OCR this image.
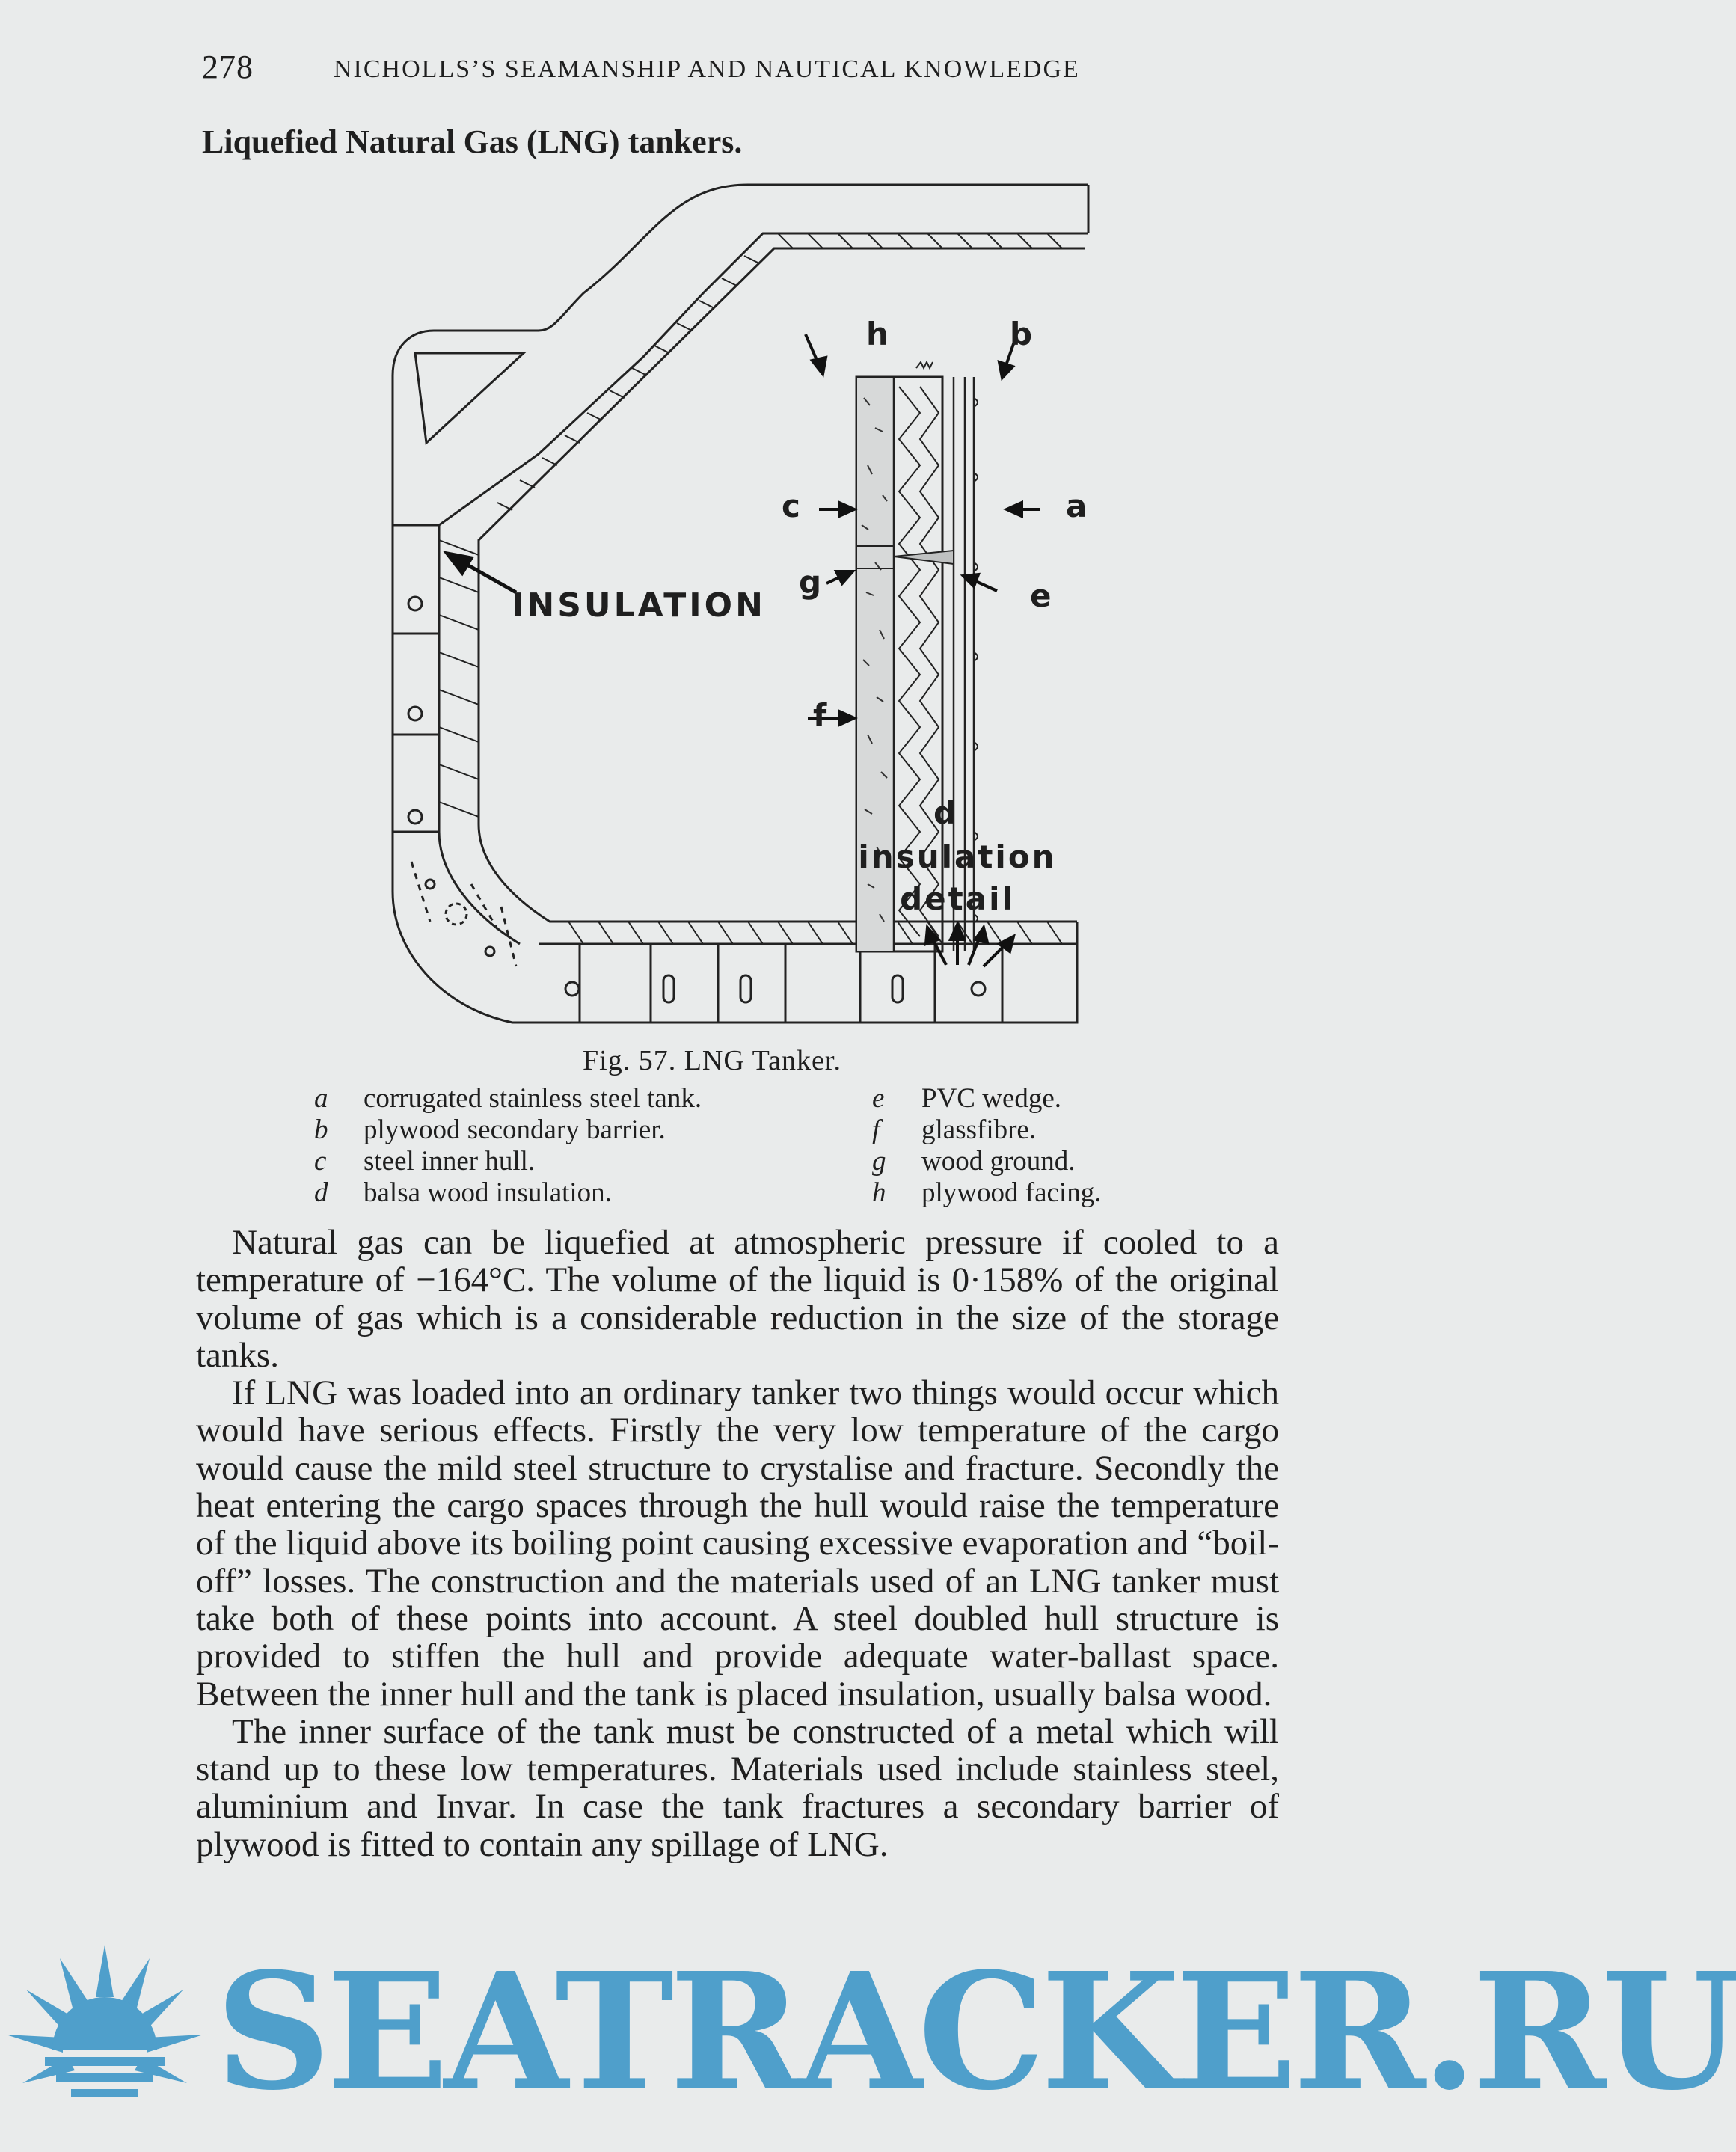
278	NICHOLLS’S SEAMANSHIP AND NAUTICAL KNOWLEDGE
Liquefied Natural Gas (LNG) tankers.
INSULATION
h	b
c	a
g	e
f
d
insulation
detail
Fig. 57. LNG Tanker.
a corrugated stainless steel tank.
b plywood secondary barrier.
c steel inner hull.
d balsa wood insulation.
e PVC wedge.
f glassfibre.
g wood ground.
h plywood facing.

Natural gas can be liquefied at atmospheric pressure if cooled to a temperature of −164°C. The volume of the liquid is 0·158% of the original volume of gas which is a considerable reduction in the size of the storage tanks.

If LNG was loaded into an ordinary tanker two things would occur which would have serious effects. Firstly the very low temperature of the cargo would cause the mild steel structure to crystalise and fracture. Secondly the heat entering the cargo spaces through the hull would raise the temperature of the liquid above its boiling point causing excessive evaporation and “boil-off” losses. The construction and the materials used of an LNG tanker must take both of these points into account. A steel doubled hull structure is provided to stiffen the hull and provide adequate water-ballast space. Between the inner hull and the tank is placed insulation, usually balsa wood.

The inner surface of the tank must be constructed of a metal which will stand up to these low temperatures. Materials used include stainless steel, aluminium and Invar. In case the tank fractures a secondary barrier of plywood is fitted to contain any spillage of LNG.

SEATRACKER.RU
